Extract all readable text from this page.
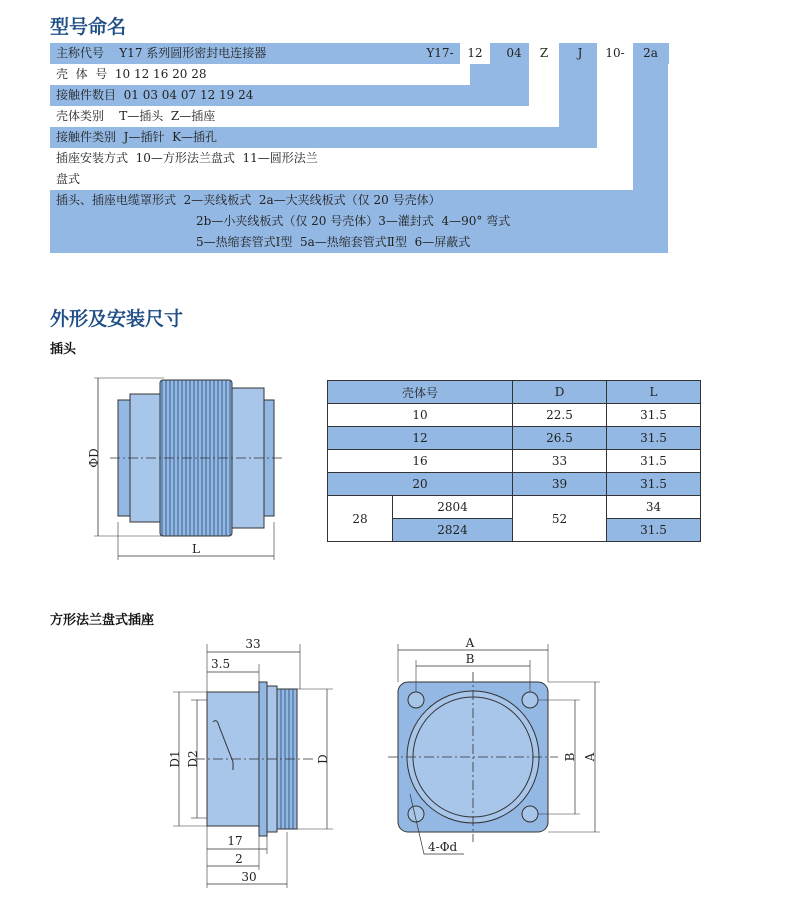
型号命名
主称代号    Y17 系列圆形密封电连接器
壳  体  号  10 12 16 20 28
接触件数目  01 03 04 07 12 19 24
壳体类别    T—插头  Z—插座
接触件类别  J—插针  K—插孔
插座安装方式  10—方形法兰盘式  11—圆形法兰
盘式
插头、插座电缆罩形式  2—夹线板式  2a—大夹线板式（仅 20 号壳体）
2b—小夹线板式（仅 20 号壳体）3—灌封式  4—90° 弯式
5—热缩套管式Ⅰ型  5a—热缩套管式Ⅱ型  6—屏蔽式
Y17-	12	04	Z	J	10-	2a
外形及安装尺寸
插头
ΦD
L
壳体号		D	L
10		22.5	31.5
12		26.5	31.5
16		33	31.5
20		39	31.5
28	2804	52	34
	2824		31.5
方形法兰盘式插座
33
3.5
D1 D2	D
17
2
30
A
B
B A
4-Φd
